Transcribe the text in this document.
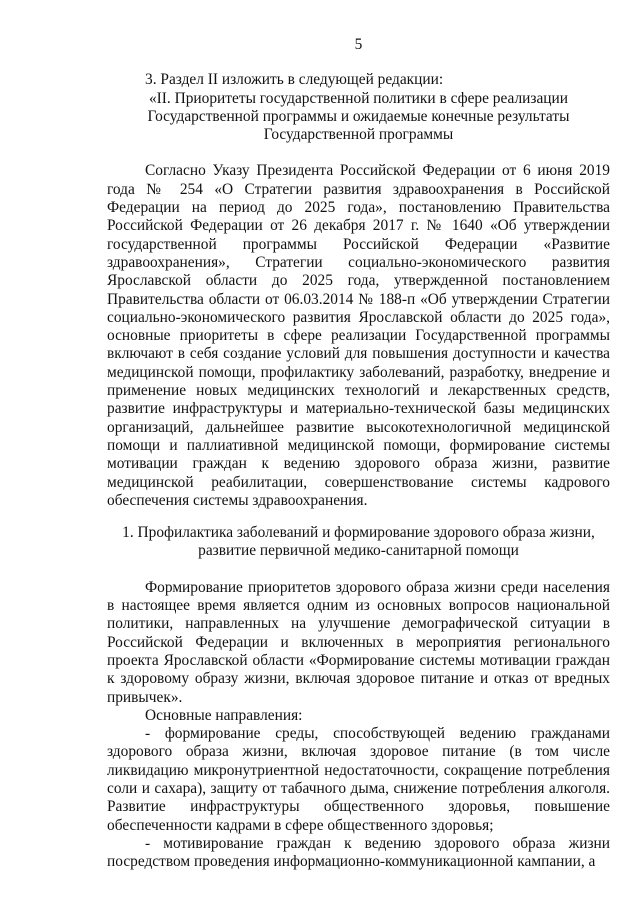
5

3. Раздел II изложить в следующей редакции:

«II. Приоритеты государственной политики в сфере реализации

Государственной программы и ожидаемые конечные результаты

Государственной программы

Согласно Указу Президента Российской Федерации от 6 июня 2019 года № 254 «О Стратегии развития здравоохранения в Российской Федерации на период до 2025 года», постановлению Правительства Российской Федерации от 26 декабря 2017 г. № 1640 «Об утверждении государственной программы Российской Федерации «Развитие здравоохранения», Стратегии социально-экономического развития Ярославской области до 2025 года, утвержденной постановлением Правительства области от 06.03.2014 № 188-п «Об утверждении Стратегии социально-экономического развития Ярославской области до 2025 года», основные приоритеты в сфере реализации Государственной программы включают в себя создание условий для повышения доступности и качества медицинской помощи, профилактику заболеваний, разработку, внедрение и применение новых медицинских технологий и лекарственных средств, развитие инфраструктуры и материально-технической базы медицинских организаций, дальнейшее развитие высокотехнологичной медицинской помощи и паллиативной медицинской помощи, формирование системы мотивации граждан к ведению здорового образа жизни, развитие медицинской реабилитации, совершенствование системы кадрового обеспечения системы здравоохранения.

1. Профилактика заболеваний и формирование здорового образа жизни,

развитие первичной медико-санитарной помощи

Формирование приоритетов здорового образа жизни среди населения в настоящее время является одним из основных вопросов национальной политики, направленных на улучшение демографической ситуации в Российской Федерации и включенных в мероприятия регионального проекта Ярославской области «Формирование системы мотивации граждан к здоровому образу жизни, включая здоровое питание и отказ от вредных привычек».

Основные направления:

- формирование среды, способствующей ведению гражданами здорового образа жизни, включая здоровое питание (в том числе ликвидацию микронутриентной недостаточности, сокращение потребления соли и сахара), защиту от табачного дыма, снижение потребления алкоголя. Развитие инфраструктуры общественного здоровья, повышение обеспеченности кадрами в сфере общественного здоровья;

- мотивирование граждан к ведению здорового образа жизни посредством проведения информационно-коммуникационной кампании, а
